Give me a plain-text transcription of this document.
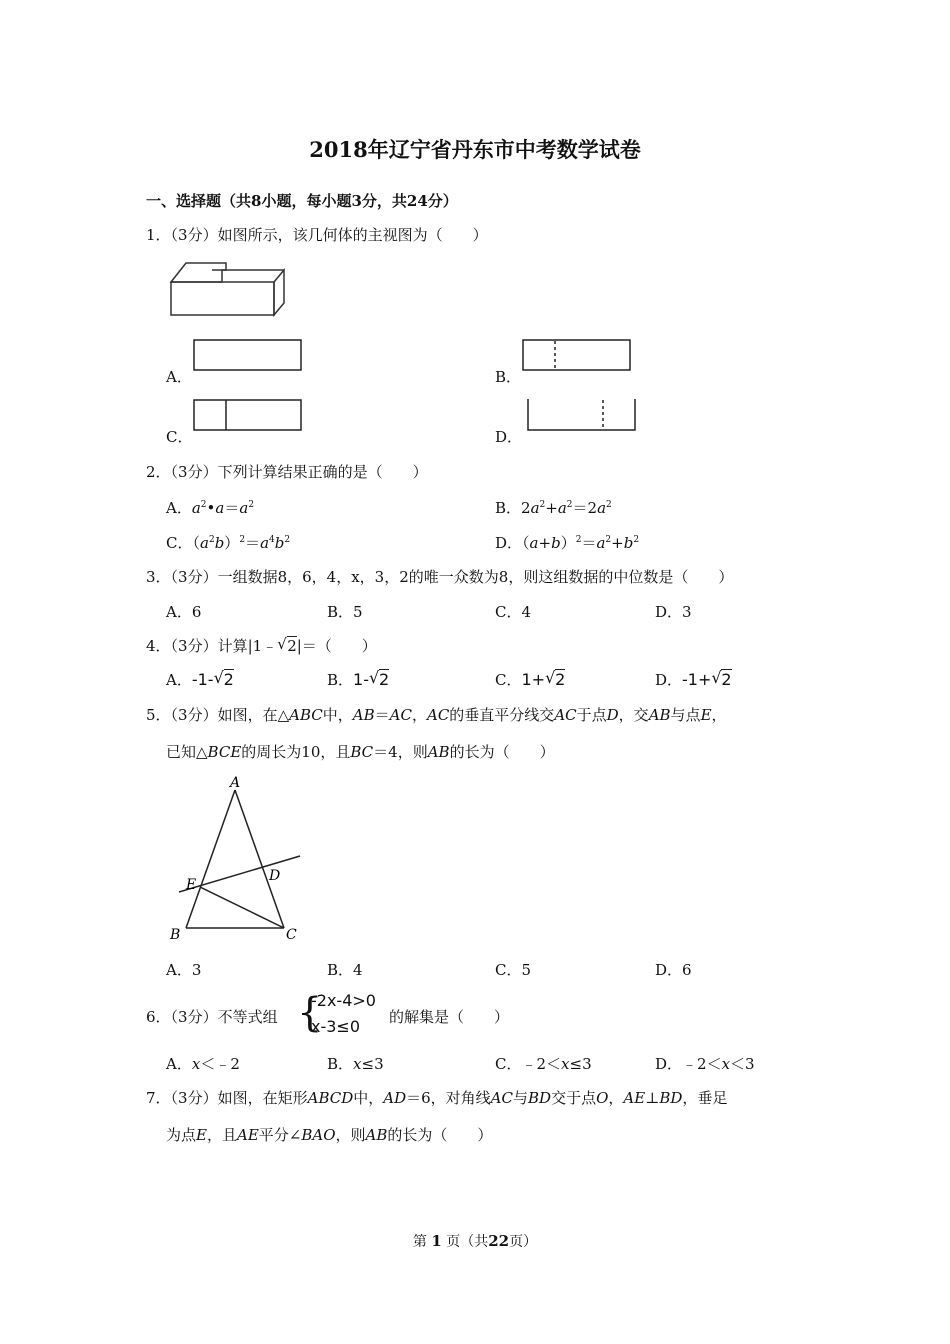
2018年辽宁省丹东市中考数学试卷
一、选择题（共8小题，每小题3分，共24分）
1．（3分）如图所示，该几何体的主视图为（　　）
A．	B．
C．	D．
2．（3分）下列计算结果正确的是（　　）
A．$a^2•a=a^2$	B．$2a^2+a^2=2a^2$
C．$(a^2b)^2=a^4b^2$	D．$(a+b)^2=a^2+b^2$
3．（3分）一组数据8，6，4，x，3，2的唯一众数为8，则这组数据的中位数是（　　）
A．6	B．5	C．4	D．3
4．（3分）计算|1﹣ 2
√ |＝（　　）
A．-1- 2
√	B．1- 2
√	C．1+ 2
√	D．-1+ 2
√
5．（3分）如图，在△ABC中，AB＝AC，AC的垂直平分线交AC于点D，交AB与点E，
已知△BCE的周长为10，且BC＝4，则AB的长为（　　）
A
B	C
D
E
A．3	B．4	C．5	D．6
6．（3分）不等式组 {
-2x-4>0
x-3≤0	的解集是（　　）
A．x＜﹣2	B．x≤3	C．﹣2＜x≤3	D．﹣2＜x＜3
7．（3分）如图，在矩形ABCD中，AD＝6，对角线AC与BD交于点O，AE⊥BD，垂足
为点E，且AE平分∠BAO，则AB的长为（　　）
第 1 页（共22页）
